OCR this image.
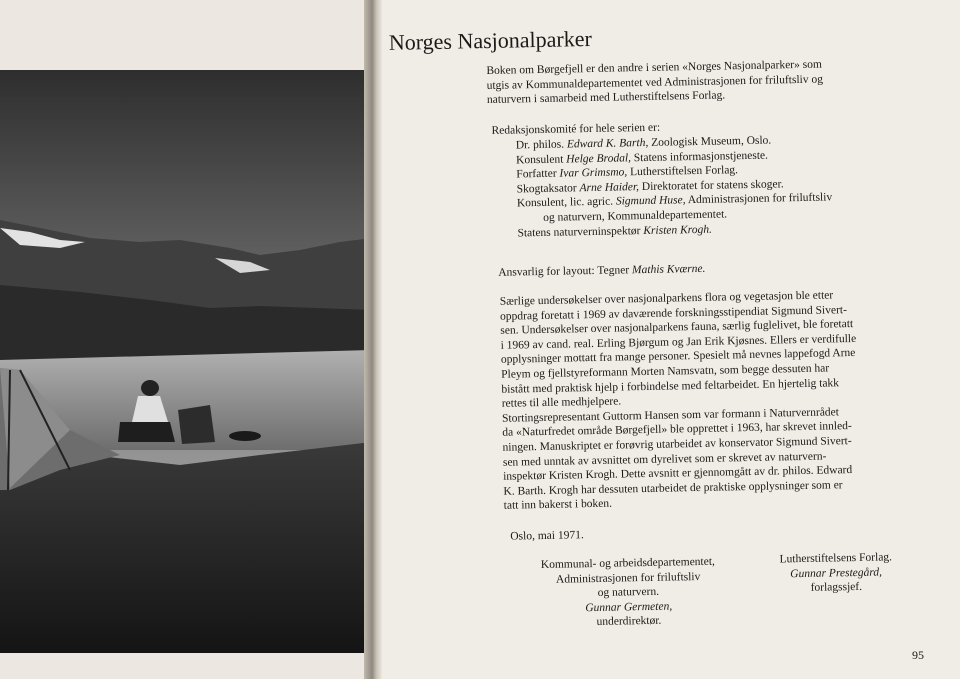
Norges Nasjonalparker
Boken om Børgefjell er den andre i serien «Norges Nasjonalparker» som
utgis av Kommunaldepartementet ved Administrasjonen for friluftsliv og
naturvern i samarbeid med Lutherstiftelsens Forlag.
Redaksjonskomité for hele serien er:
Dr. philos. Edward K. Barth, Zoologisk Museum, Oslo.
Konsulent Helge Brodal, Statens informasjonstjeneste.
Forfatter Ivar Grimsmo, Lutherstiftelsen Forlag.
Skogtaksator Arne Haider, Direktoratet for statens skoger.
Konsulent, lic. agric. Sigmund Huse, Administrasjonen for friluftsliv
og naturvern, Kommunaldepartementet.
Statens naturverninspektør Kristen Krogh.
Ansvarlig for layout: Tegner Mathis Kværne.
Særlige undersøkelser over nasjonalparkens flora og vegetasjon ble etter
oppdrag foretatt i 1969 av daværende forskningsstipendiat Sigmund Sivert-
sen. Undersøkelser over nasjonalparkens fauna, særlig fuglelivet, ble foretatt
i 1969 av cand. real. Erling Bjørgum og Jan Erik Kjøsnes. Ellers er verdifulle
opplysninger mottatt fra mange personer. Spesielt må nevnes lappefogd Arne
Pleym og fjellstyreformann Morten Namsvatn, som begge dessuten har
bistått med praktisk hjelp i forbindelse med feltarbeidet. En hjertelig takk
rettes til alle medhjelpere.
Stortingsrepresentant Guttorm Hansen som var formann i Naturvernrådet
da «Naturfredet område Børgefjell» ble opprettet i 1963, har skrevet innled-
ningen. Manuskriptet er forøvrig utarbeidet av konservator Sigmund Sivert-
sen med unntak av avsnittet om dyrelivet som er skrevet av naturvern-
inspektør Kristen Krogh. Dette avsnitt er gjennomgått av dr. philos. Edward
K. Barth. Krogh har dessuten utarbeidet de praktiske opplysninger som er
tatt inn bakerst i boken.
Oslo, mai 1971.
Kommunal- og arbeidsdepartementet,
Administrasjonen for friluftsliv
og naturvern.
Gunnar Germeten,
underdirektør.
Lutherstiftelsens Forlag.
Gunnar Prestegård,
forlagssjef.
95
